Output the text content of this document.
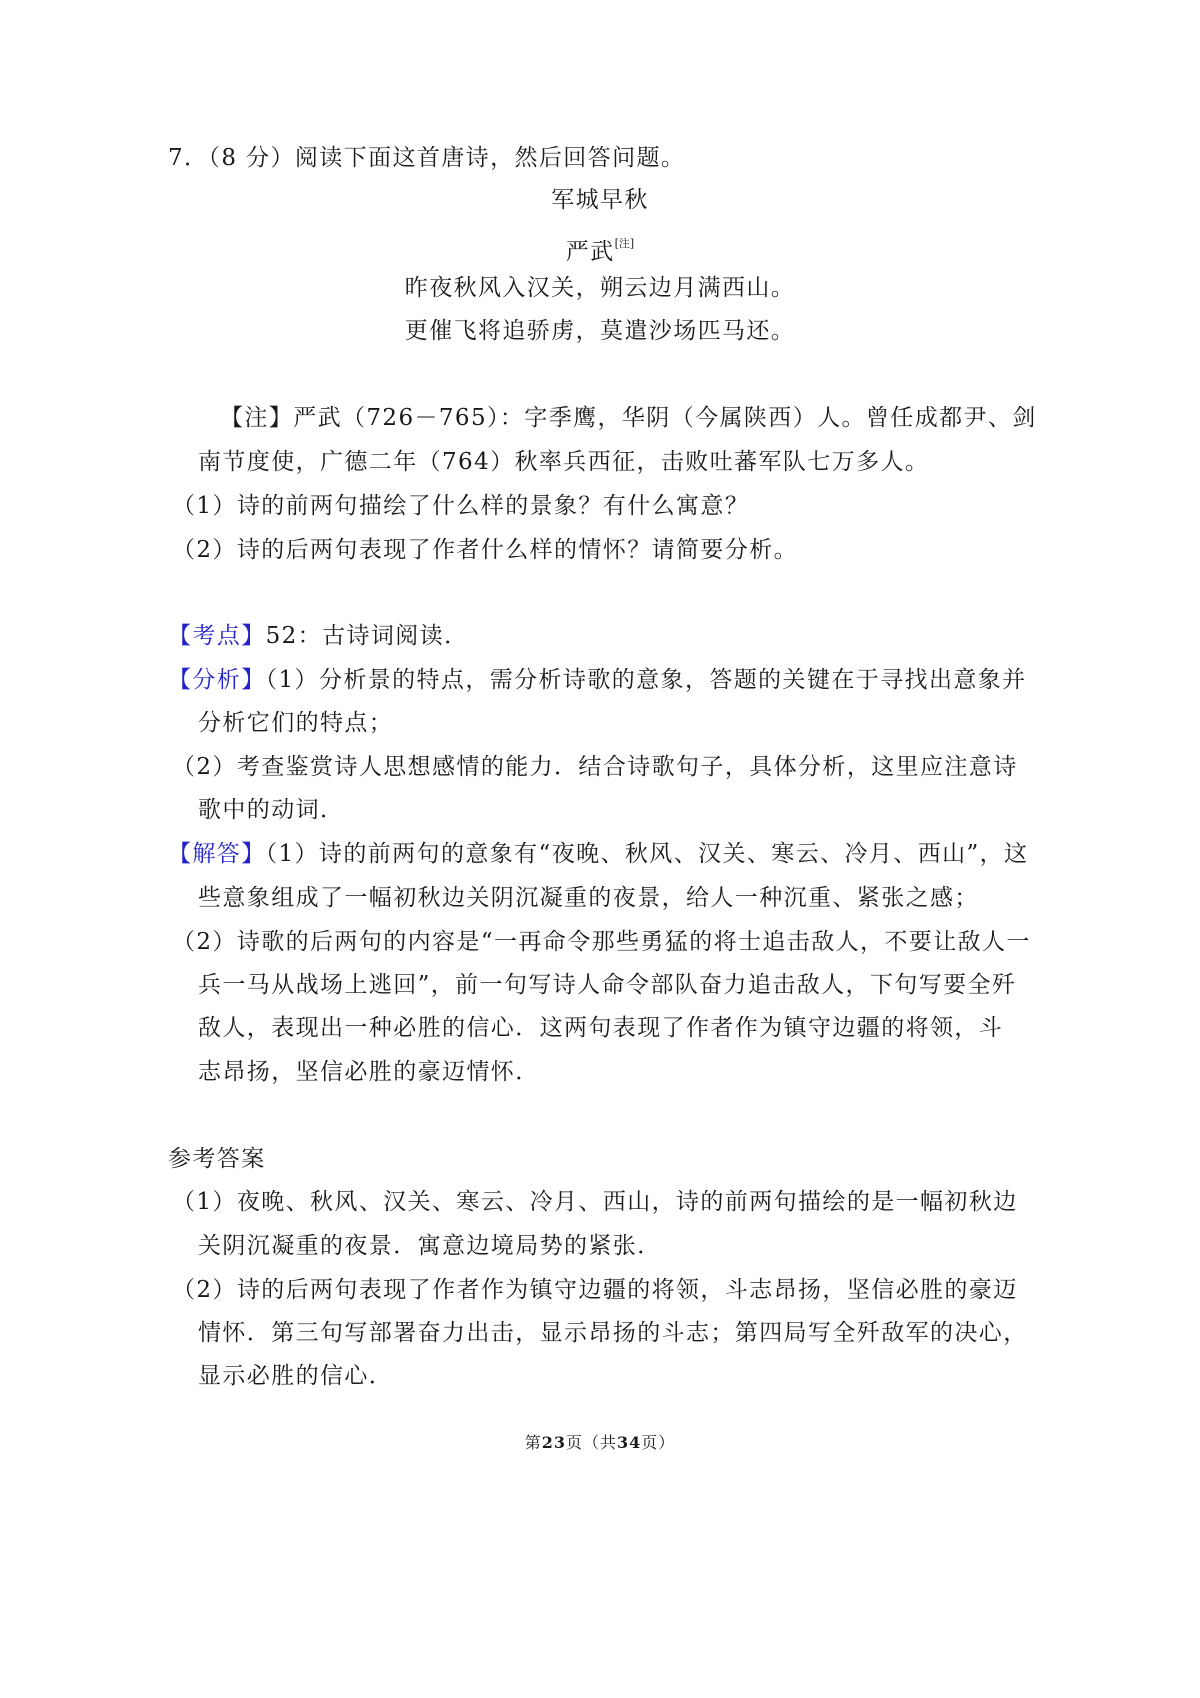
7．（8 分）阅读下面这首唐诗，然后回答问题。
军城早秋
严武[注]
昨夜秋风入汉关，朔云边月满西山。
更催飞将追骄虏，莫遣沙场匹马还。
【注】严武（726－765）：字季鹰，华阴（今属陕西）人。曾任成都尹、剑
南节度使，广德二年（764）秋率兵西征，击败吐蕃军队七万多人。
（1）诗的前两句描绘了什么样的景象？有什么寓意？
（2）诗的后两句表现了作者什么样的情怀？请简要分析。
【考点】52：古诗词阅读．
【分析】（1）分析景的特点，需分析诗歌的意象，答题的关键在于寻找出意象并
分析它们的特点；
（2）考查鉴赏诗人思想感情的能力．结合诗歌句子，具体分析，这里应注意诗
歌中的动词．
【解答】（1）诗的前两句的意象有“夜晚、秋风、汉关、寒云、冷月、西山”，这
些意象组成了一幅初秋边关阴沉凝重的夜景，给人一种沉重、紧张之感；
（2）诗歌的后两句的内容是“一再命令那些勇猛的将士追击敌人，不要让敌人一
兵一马从战场上逃回”，前一句写诗人命令部队奋力追击敌人，下句写要全歼
敌人，表现出一种必胜的信心．这两句表现了作者作为镇守边疆的将领，斗
志昂扬，坚信必胜的豪迈情怀．
参考答案
（1）夜晚、秋风、汉关、寒云、冷月、西山，诗的前两句描绘的是一幅初秋边
关阴沉凝重的夜景．寓意边境局势的紧张．
（2）诗的后两句表现了作者作为镇守边疆的将领，斗志昂扬，坚信必胜的豪迈
情怀．第三句写部署奋力出击，显示昂扬的斗志；第四局写全歼敌军的决心，
显示必胜的信心．
第23页（共34页）
